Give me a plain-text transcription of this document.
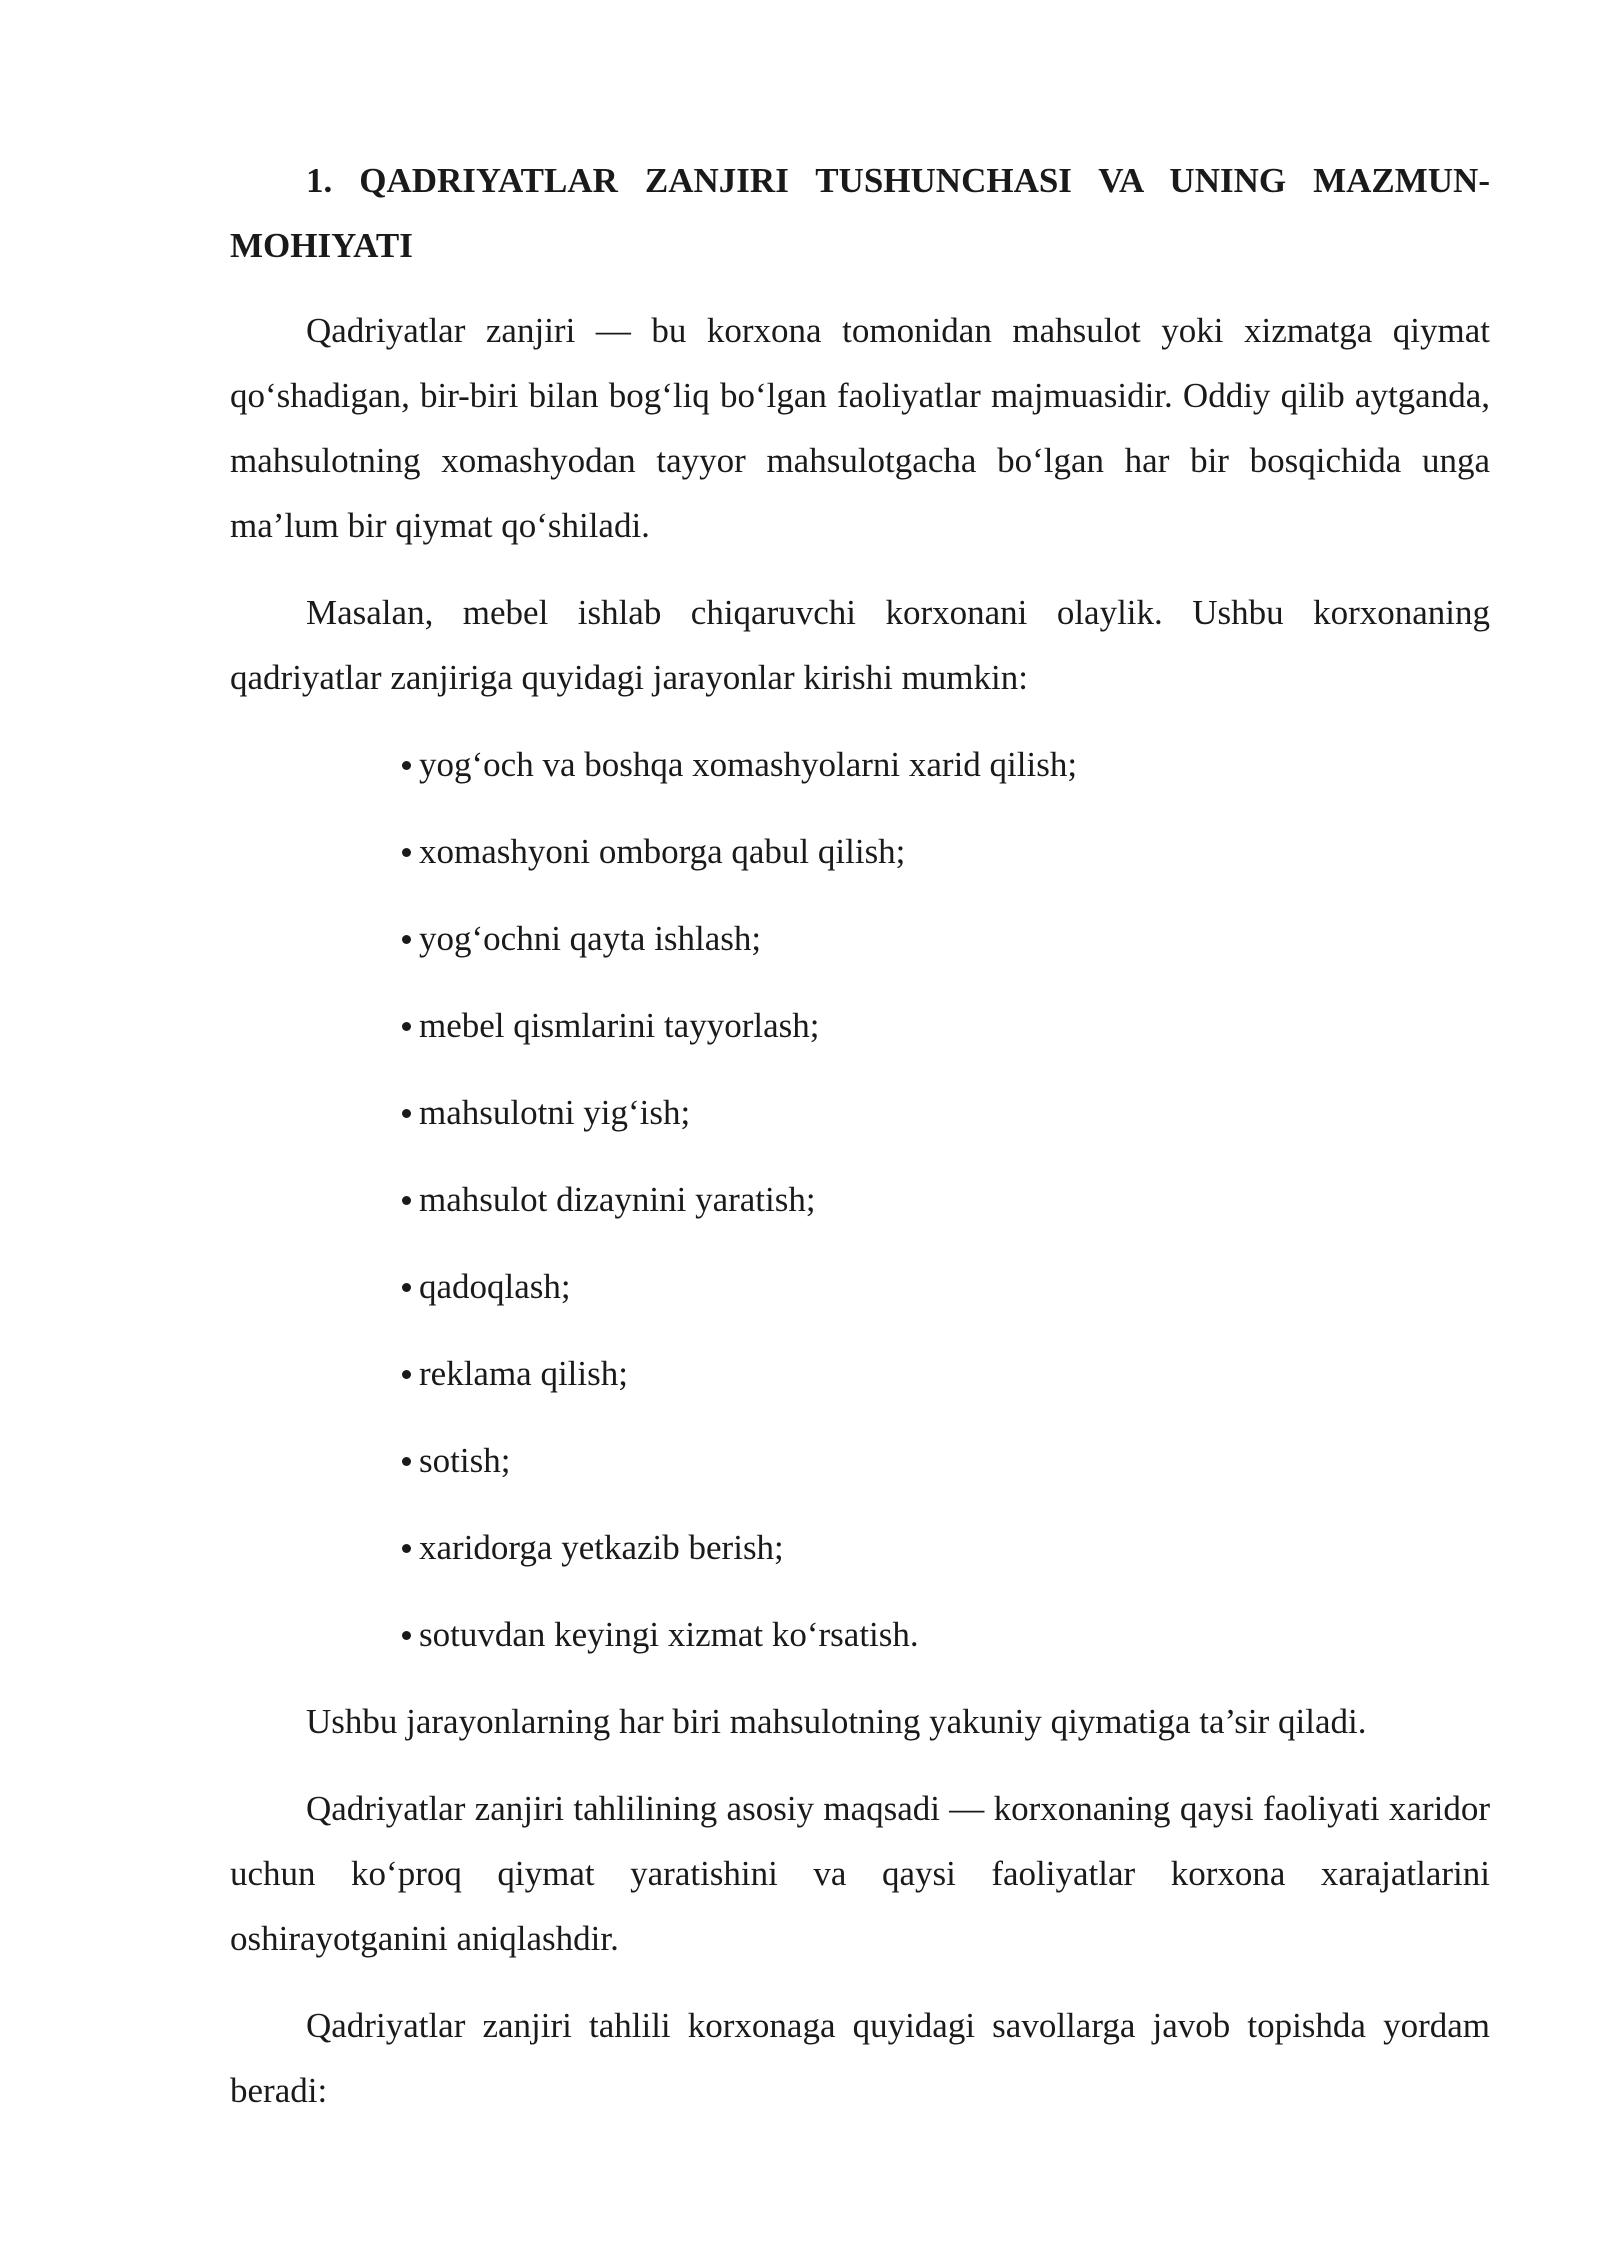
1. QADRIYATLAR ZANJIRI TUSHUNCHASI VA UNING MAZMUN-MOHIYATI

Qadriyatlar zanjiri — bu korxona tomonidan mahsulot yoki xizmatga qiymat qo‘shadigan, bir-biri bilan bog‘liq bo‘lgan faoliyatlar majmuasidir. Oddiy qilib aytganda, mahsulotning xomashyodan tayyor mahsulotgacha bo‘lgan har bir bosqichida unga ma’lum bir qiymat qo‘shiladi.

Masalan, mebel ishlab chiqaruvchi korxonani olaylik. Ushbu korxonaning qadriyatlar zanjiriga quyidagi jarayonlar kirishi mumkin:

yog‘och va boshqa xomashyolarni xarid qilish;
xomashyoni omborga qabul qilish;
yog‘ochni qayta ishlash;
mebel qismlarini tayyorlash;
mahsulotni yig‘ish;
mahsulot dizaynini yaratish;
qadoqlash;
reklama qilish;
sotish;
xaridorga yetkazib berish;
sotuvdan keyingi xizmat ko‘rsatish.

Ushbu jarayonlarning har biri mahsulotning yakuniy qiymatiga ta’sir qiladi.

Qadriyatlar zanjiri tahlilining asosiy maqsadi — korxonaning qaysi faoliyati xaridor uchun ko‘proq qiymat yaratishini va qaysi faoliyatlar korxona xarajatlarini oshirayotganini aniqlashdir.

Qadriyatlar zanjiri tahlili korxonaga quyidagi savollarga javob topishda yordam beradi:
